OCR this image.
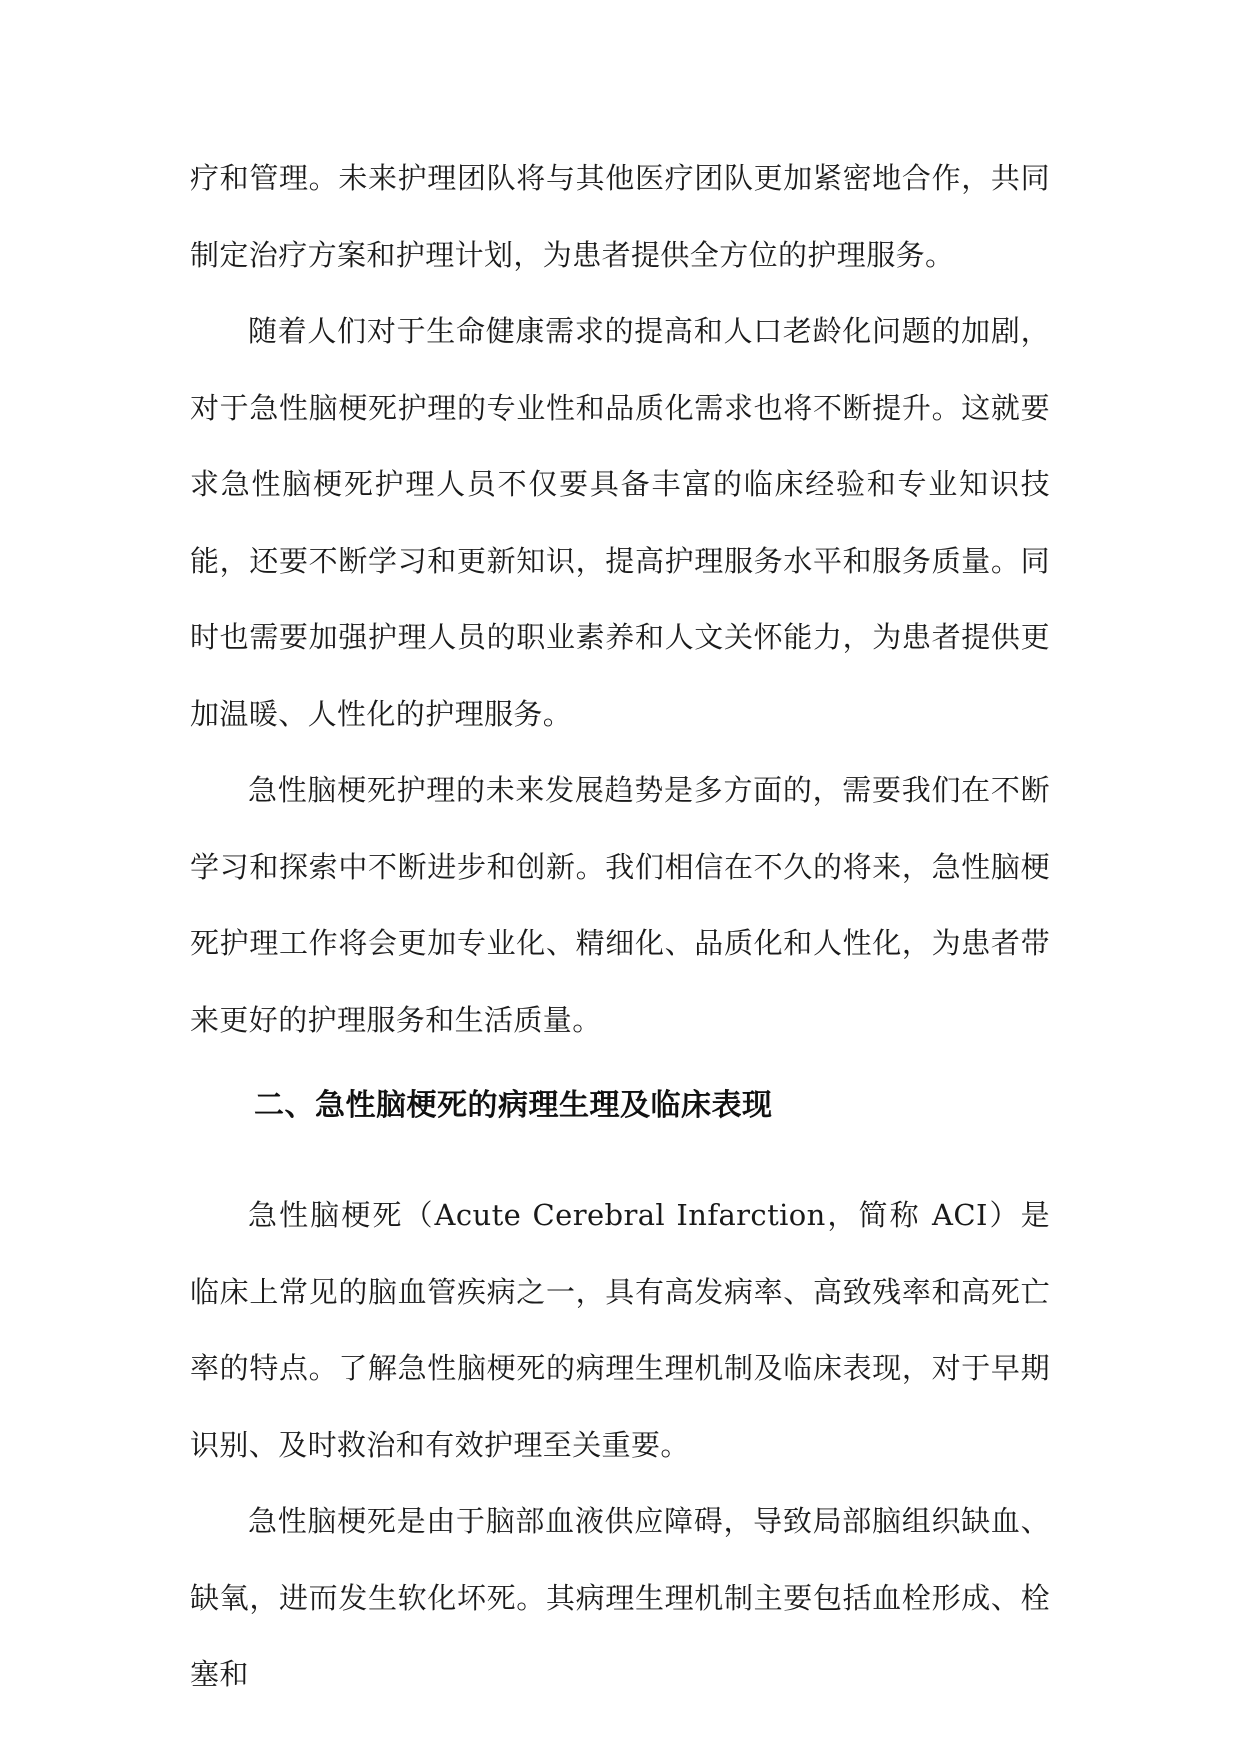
疗和管理。未来护理团队将与其他医疗团队更加紧密地合作，共同制定治疗方案和护理计划，为患者提供全方位的护理服务。

随着人们对于生命健康需求的提高和人口老龄化问题的加剧，对于急性脑梗死护理的专业性和品质化需求也将不断提升。这就要求急性脑梗死护理人员不仅要具备丰富的临床经验和专业知识技能，还要不断学习和更新知识，提高护理服务水平和服务质量。同时也需要加强护理人员的职业素养和人文关怀能力，为患者提供更加温暖、人性化的护理服务。

急性脑梗死护理的未来发展趋势是多方面的，需要我们在不断学习和探索中不断进步和创新。我们相信在不久的将来，急性脑梗死护理工作将会更加专业化、精细化、品质化和人性化，为患者带来更好的护理服务和生活质量。

二、急性脑梗死的病理生理及临床表现

急性脑梗死（Acute Cerebral Infarction，简称 ACI）是临床上常见的脑血管疾病之一，具有高发病率、高致残率和高死亡率的特点。了解急性脑梗死的病理生理机制及临床表现，对于早期识别、及时救治和有效护理至关重要。

急性脑梗死是由于脑部血液供应障碍，导致局部脑组织缺血、缺氧，进而发生软化坏死。其病理生理机制主要包括血栓形成、栓塞和
